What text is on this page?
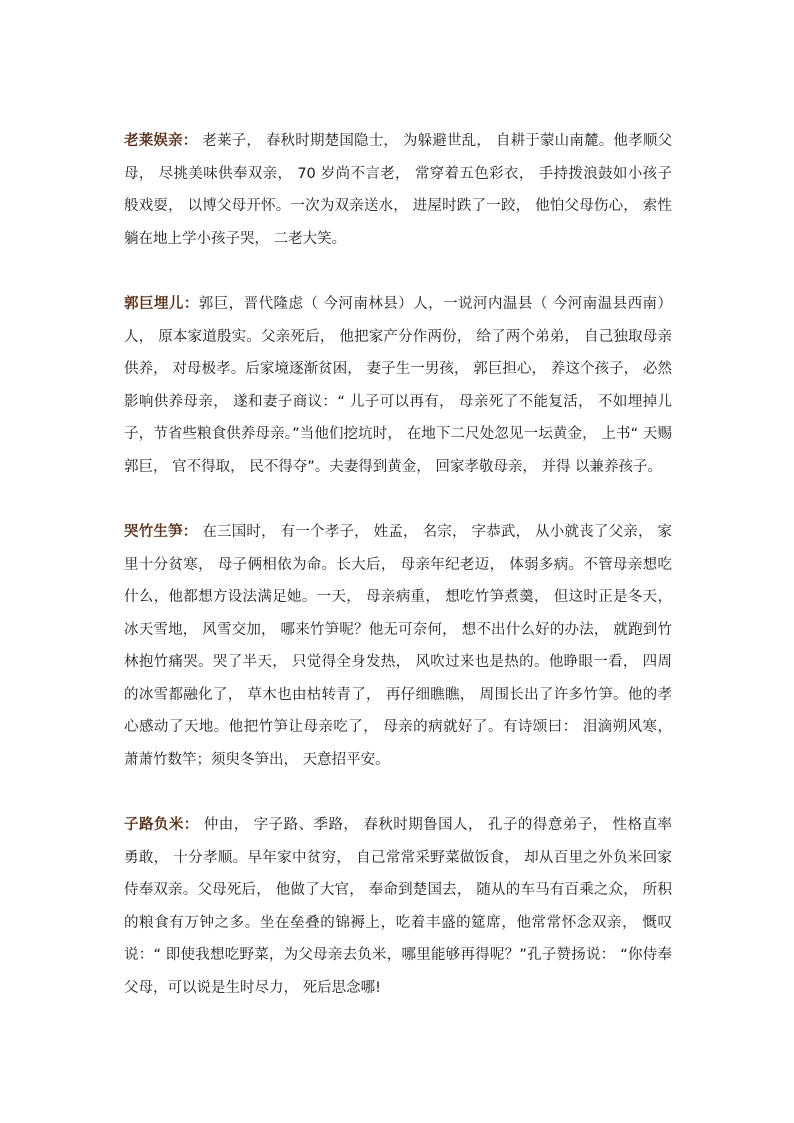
老莱娱亲： 老莱子， 春秋时期楚国隐士， 为躲避世乱， 自耕于蒙山南麓。他孝顺父母， 尽挑美味供奉双亲， 70 岁尚不言老， 常穿着五色彩衣， 手持拨浪鼓如小孩子般戏耍， 以博父母开怀。一次为双亲送水， 进屋时跌了一跤， 他怕父母伤心， 索性躺在地上学小孩子哭， 二老大笑。

郭巨埋儿：郭巨，晋代隆虑（ 今河南林县）人，一说河内温县（ 今河南温县西南）人， 原本家道殷实。父亲死后， 他把家产分作两份， 给了两个弟弟， 自己独取母亲供养， 对母极孝。后家境逐渐贫困， 妻子生一男孩， 郭巨担心， 养这个孩子， 必然影响供养母亲， 遂和妻子商议：“ 儿子可以再有， 母亲死了不能复活， 不如埋掉儿子，节省些粮食供养母亲。”当他们挖坑时， 在地下二尺处忽见一坛黄金， 上书“ 天赐郭巨， 官不得取， 民不得夺”。夫妻得到黄金， 回家孝敬母亲， 并得 以兼养孩子。

哭竹生笋： 在三国时， 有一个孝子， 姓孟， 名宗， 字恭武， 从小就丧了父亲， 家里十分贫寒， 母子俩相依为命。长大后， 母亲年纪老迈， 体弱多病。不管母亲想吃什么，他都想方设法满足她。一天， 母亲病重， 想吃竹笋煮羹， 但这时正是冬天， 冰天雪地， 风雪交加， 哪来竹笋呢？他无可奈何， 想不出什么好的办法， 就跑到竹林抱竹痛哭。哭了半天， 只觉得全身发热， 风吹过来也是热的。他睁眼一看， 四周的冰雪都融化了， 草木也由枯转青了， 再仔细瞧瞧， 周围长出了许多竹笋。他的孝心感动了天地。他把竹笋让母亲吃了， 母亲的病就好了。有诗颂曰： 泪滴朔风寒， 萧萧竹数竿；须臾冬笋出， 天意招平安。

子路负米： 仲由， 字子路、季路， 春秋时期鲁国人， 孔子的得意弟子， 性格直率 勇敢， 十分孝顺。早年家中贫穷， 自己常常采野菜做饭食， 却从百里之外负米回家侍奉双亲。父母死后， 他做了大官， 奉命到楚国去， 随从的车马有百乘之众， 所积的粮食有万钟之多。坐在垒叠的锦褥上，吃着丰盛的筵席，他常常怀念双亲， 慨叹说：“ 即使我想吃野菜，为父母亲去负米，哪里能够再得呢？”孔子赞扬说： “你侍奉父母，可以说是生时尽力， 死后思念哪!
